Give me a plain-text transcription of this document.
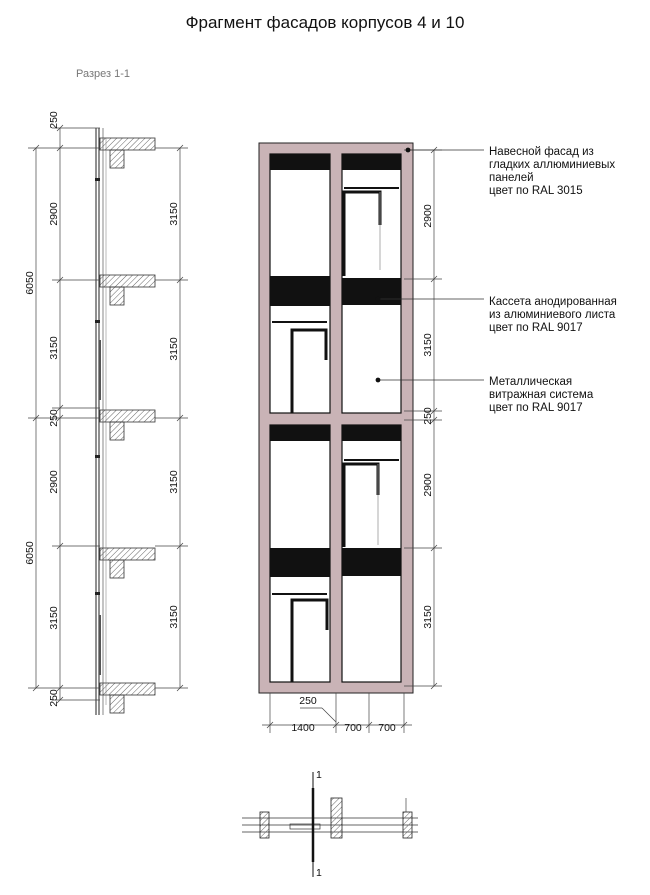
Фрагмент фасадов корпусов 4 и 10
Разрез 1-1
6050
6050
250
2900
3150
250
2900
3150
250
3150
3150
3150
3150
2900
3150
250
2900
3150
250
1400	700 700
1
1
Навесной фасад из
гладких аллюминиевых
панелей
цвет по RAL 3015
Кассета анодированная
из алюминиевого листа
цвет по RAL 9017
Металлическая
витражная система
цвет по RAL 9017
